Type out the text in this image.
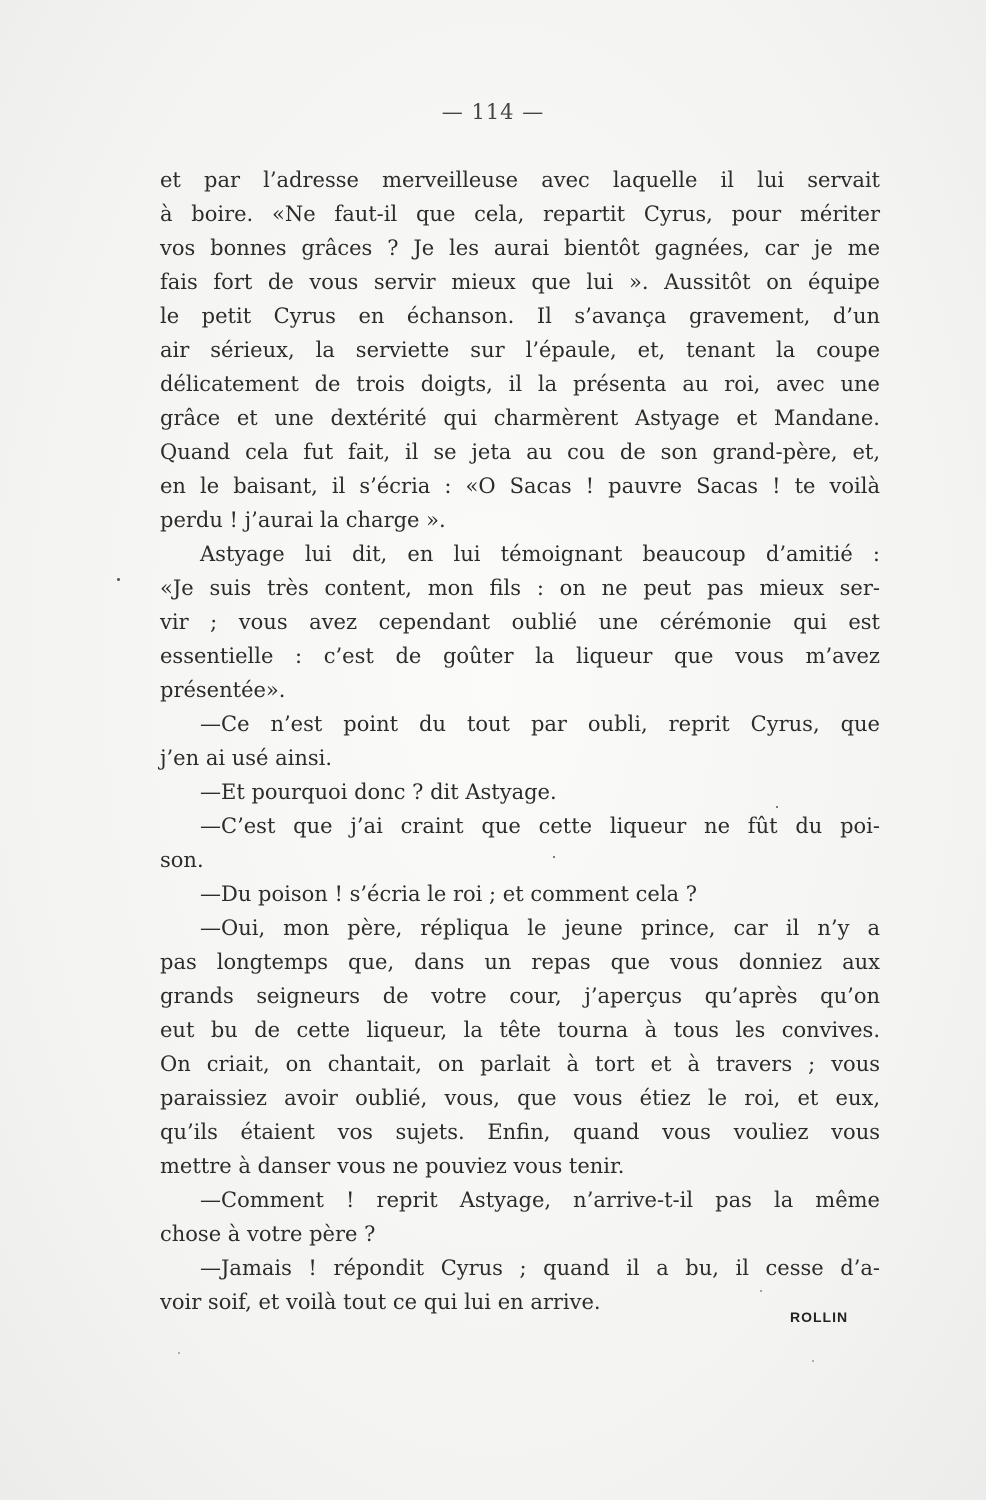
— 114 —
et par l’adresse merveilleuse avec laquelle il lui servait
à boire. «Ne faut-il que cela, repartit Cyrus, pour mériter
vos bonnes grâces ? Je les aurai bientôt gagnées, car je me
fais fort de vous servir mieux que lui ». Aussitôt on équipe
le petit Cyrus en échanson. Il s’avança gravement, d’un
air sérieux, la serviette sur l’épaule, et, tenant la coupe
délicatement de trois doigts, il la présenta au roi, avec une
grâce et une dextérité qui charmèrent Astyage et Mandane.
Quand cela fut fait, il se jeta au cou de son grand-père, et,
en le baisant, il s’écria : «O Sacas ! pauvre Sacas ! te voilà
perdu ! j’aurai la charge ».
Astyage lui dit, en lui témoignant beaucoup d’amitié :
«Je suis très content, mon fils : on ne peut pas mieux ser-
vir ; vous avez cependant oublié une cérémonie qui est
essentielle : c’est de goûter la liqueur que vous m’avez
présentée».
—Ce n’est point du tout par oubli, reprit Cyrus, que
j’en ai usé ainsi.
—Et pourquoi donc ? dit Astyage.
—C’est que j’ai craint que cette liqueur ne fût du poi-
son.
—Du poison ! s’écria le roi ; et comment cela ?
—Oui, mon père, répliqua le jeune prince, car il n’y a
pas longtemps que, dans un repas que vous donniez aux
grands seigneurs de votre cour, j’aperçus qu’après qu’on
eut bu de cette liqueur, la tête tourna à tous les convives.
On criait, on chantait, on parlait à tort et à travers ; vous
paraissiez avoir oublié, vous, que vous étiez le roi, et eux,
qu’ils étaient vos sujets. Enfin, quand vous vouliez vous
mettre à danser vous ne pouviez vous tenir.
—Comment ! reprit Astyage, n’arrive-t-il pas la même
chose à votre père ?
—Jamais ! répondit Cyrus ; quand il a bu, il cesse d’a-
voir soif, et voilà tout ce qui lui en arrive.
ROLLIN
